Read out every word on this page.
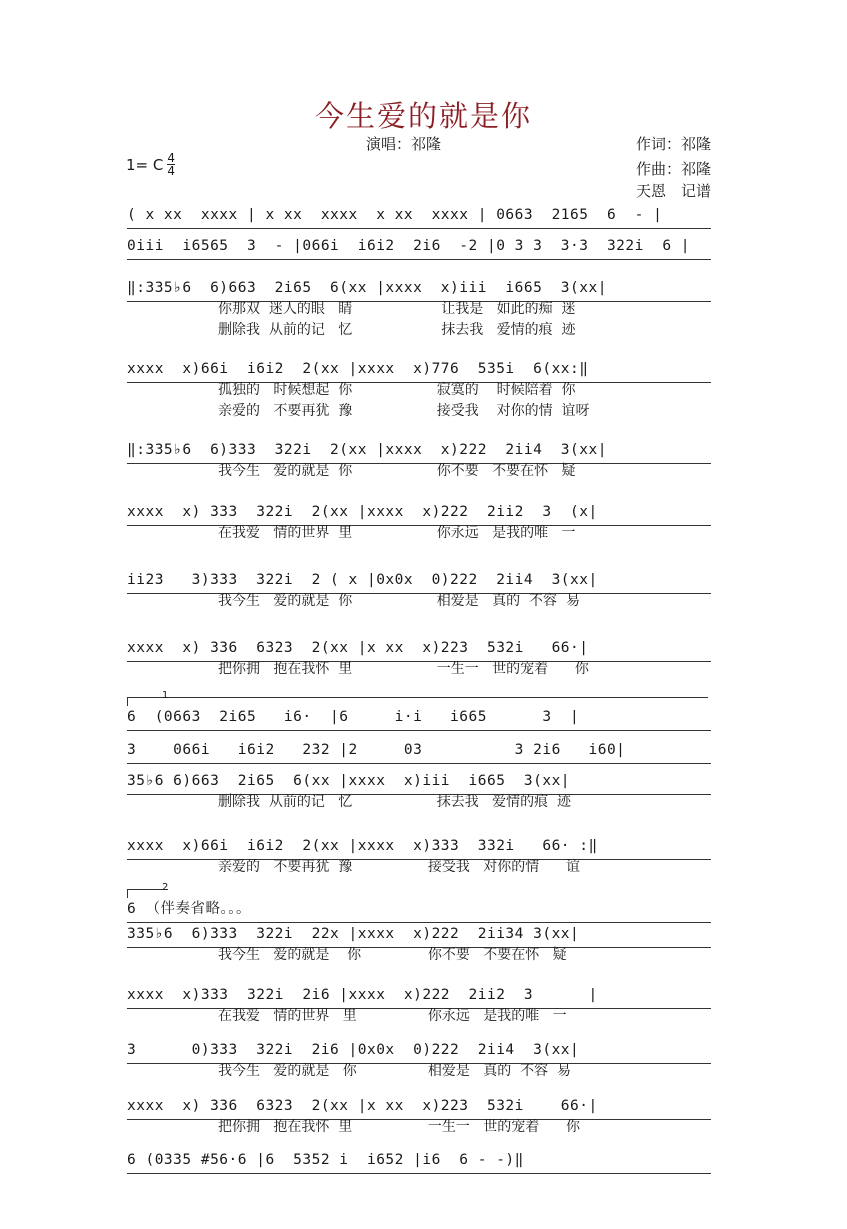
今生爱的就是你
演唱：祁隆	作词：祁隆
作曲：祁隆
天恩　记谱
1= C $\frac{4}{4}$
( x xx  xxxx | x xx  xxxx  x xx  xxxx | 0663  2165  6  - |
0iii  i6565  3  - |066i  i6i2  2i6  -2 |0 3 3  3·3  322i  6 |
‖:335♭6  6)663  2i65  6(xx |xxxx  x)iii  i665  3(xx|
你那双  迷人的眼   睛                    让我是   如此的痴  迷
删除我  从前的记   忆                    抹去我   爱情的痕  迹
xxxx  x)66i  i6i2  2(xx |xxxx  x)776  535i  6(xx:‖
孤独的   时候想起  你                   寂寞的    时候陪着  你
亲爱的   不要再犹  豫                   接受我    对你的情  谊呀
‖:335♭6  6)333  322i  2(xx |xxxx  x)222  2ii4  3(xx|
我今生   爱的就是  你                   你不要   不要在怀   疑
xxxx  x) 333  322i  2(xx |xxxx  x)222  2ii2  3  (x|
在我爱   情的世界  里                   你永远   是我的唯   一
ii23   3)333  322i  2 ( x |0x0x  0)222  2ii4  3(xx|
我今生   爱的就是  你                   相爱是   真的  不容  易
xxxx  x) 336  6323  2(xx |x xx  x)223  532i   66·|
把你拥   抱在我怀  里                   一生一   世的宠着      你
1
6  (0663  2i65   i6·  |6     i·i   i665      3  |
3    066i   i6i2   232 |2     03          3 2i6   i60|
35♭6 6)663  2i65  6(xx |xxxx  x)iii  i665  3(xx|
删除我  从前的记   忆                   抹去我   爱情的痕  迹
xxxx  x)66i  i6i2  2(xx |xxxx  x)333  332i   66· :‖
亲爱的   不要再犹  豫                 接受我   对你的情      谊
2
6 （伴奏省略。。。
335♭6  6)333  322i  22x |xxxx  x)222  2ii34 3(xx|
我今生   爱的就是    你               你不要   不要在怀   疑
xxxx  x)333  322i  2i6 |xxxx  x)222  2ii2  3      |
在我爱   情的世界   里                你永远   是我的唯   一
3      0)333  322i  2i6 |0x0x  0)222  2ii4  3(xx|
我今生   爱的就是   你                相爱是   真的  不容  易
xxxx  x) 336  6323  2(xx |x xx  x)223  532i    66·|
把你拥   抱在我怀  里                 一生一   世的宠着      你
6 (0335 #56·6 |6  5352 i  i652 |i6  6 - -)‖
